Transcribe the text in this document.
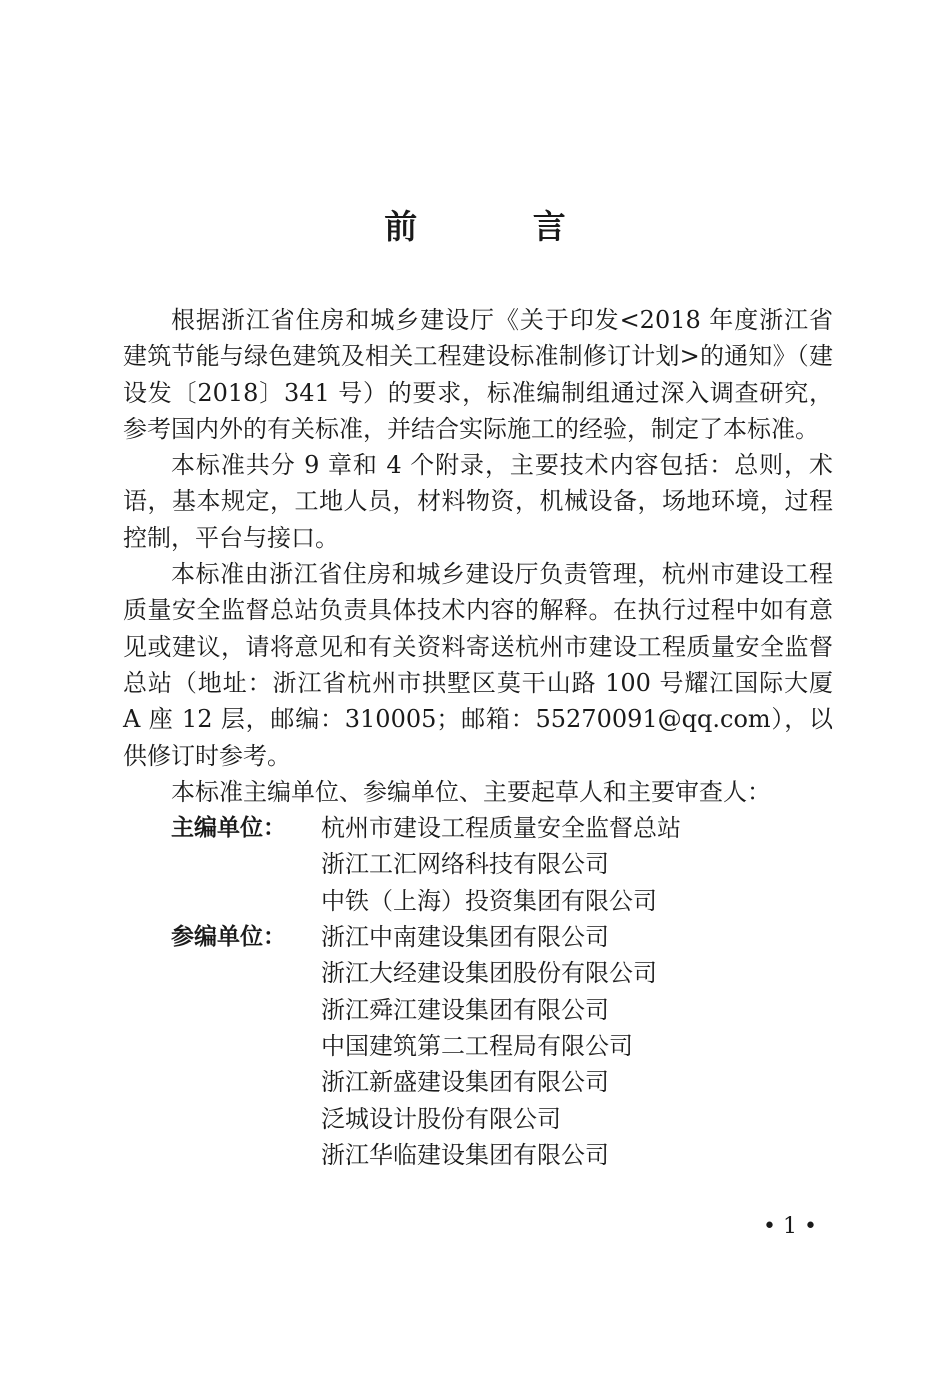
前 言

根据浙江省住房和城乡建设厅《关于印发<2018 年度浙江省建筑节能与绿色建筑及相关工程建设标准制修订计划>的通知》（建设发〔2018〕341 号）的要求，标准编制组通过深入调查研究，参考国内外的有关标准，并结合实际施工的经验，制定了本标准。

本标准共分 9 章和 4 个附录，主要技术内容包括：总则，术语，基本规定，工地人员，材料物资，机械设备，场地环境，过程控制，平台与接口。

本标准由浙江省住房和城乡建设厅负责管理，杭州市建设工程质量安全监督总站负责具体技术内容的解释。在执行过程中如有意见或建议，请将意见和有关资料寄送杭州市建设工程质量安全监督总站（地址：浙江省杭州市拱墅区莫干山路 100 号耀江国际大厦 A 座 12 层，邮编：310005；邮箱：55270091@qq.com），以供修订时参考。

本标准主编单位、参编单位、主要起草人和主要审查人：

主编单位：	杭州市建设工程质量安全监督总站
浙江工汇网络科技有限公司
中铁（上海）投资集团有限公司
参编单位：	浙江中南建设集团有限公司
浙江大经建设集团股份有限公司
浙江舜江建设集团有限公司
中国建筑第二工程局有限公司
浙江新盛建设集团有限公司
泛城设计股份有限公司
浙江华临建设集团有限公司
• 1 •
